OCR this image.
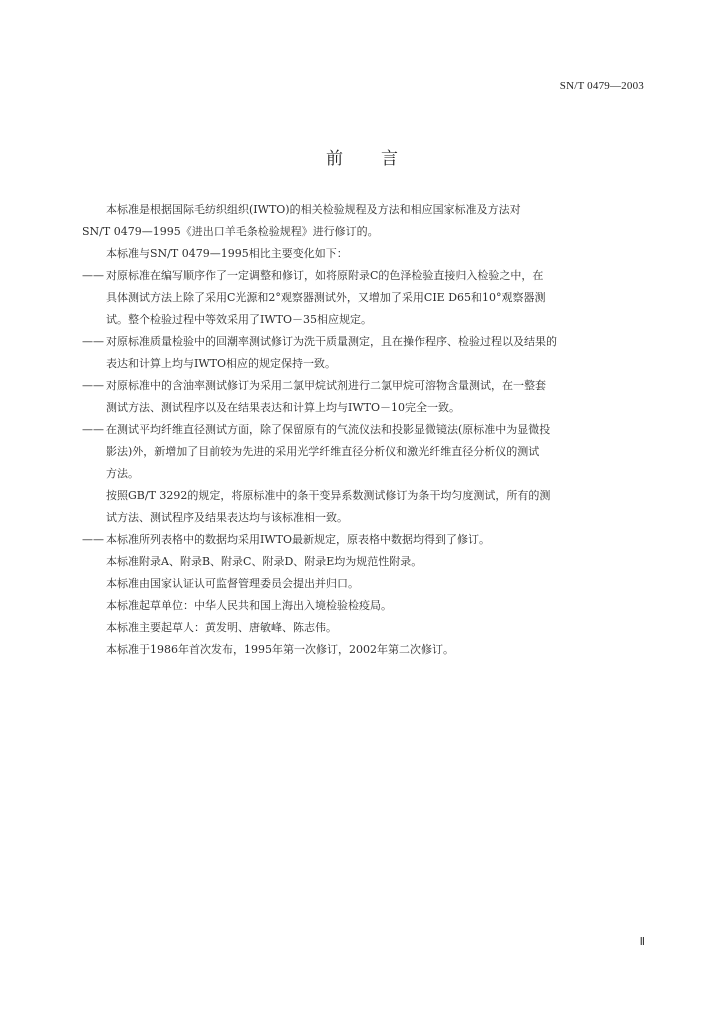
SN/T 0479—2003
前言

本标准是根据国际毛纺织组织(IWTO)的相关检验规程及方法和相应国家标准及方法对

SN/T 0479—1995《进出口羊毛条检验规程》进行修订的。

本标准与SN/T 0479—1995相比主要变化如下：

—— 对原标准在编写顺序作了一定调整和修订，如将原附录C的色泽检验直接归入检验之中，在
具体测试方法上除了采用C光源和2°观察器测试外，又增加了采用CIE D65和10°观察器测
试。整个检验过程中等效采用了IWTO－35相应规定。
—— 对原标准质量检验中的回潮率测试修订为洗干质量测定，且在操作程序、检验过程以及结果的
表达和计算上均与IWTO相应的规定保持一致。
—— 对原标准中的含油率测试修订为采用二氯甲烷试剂进行二氯甲烷可溶物含量测试，在一整套
测试方法、测试程序以及在结果表达和计算上均与IWTO－10完全一致。
—— 在测试平均纤维直径测试方面，除了保留原有的气流仪法和投影显微镜法(原标准中为显微投
影法)外，新增加了目前较为先进的采用光学纤维直径分析仪和激光纤维直径分析仪的测试
方法。
按照GB/T 3292的规定，将原标准中的条干变异系数测试修订为条干均匀度测试，所有的测
试方法、测试程序及结果表达均与该标准相一致。
—— 本标准所列表格中的数据均采用IWTO最新规定，原表格中数据均得到了修订。

本标准附录A、附录B、附录C、附录D、附录E均为规范性附录。

本标准由国家认证认可监督管理委员会提出并归口。

本标准起草单位：中华人民共和国上海出入境检验检疫局。

本标准主要起草人：黄发明、唐敏峰、陈志伟。

本标准于1986年首次发布，1995年第一次修订，2002年第二次修订。

Ⅱ
